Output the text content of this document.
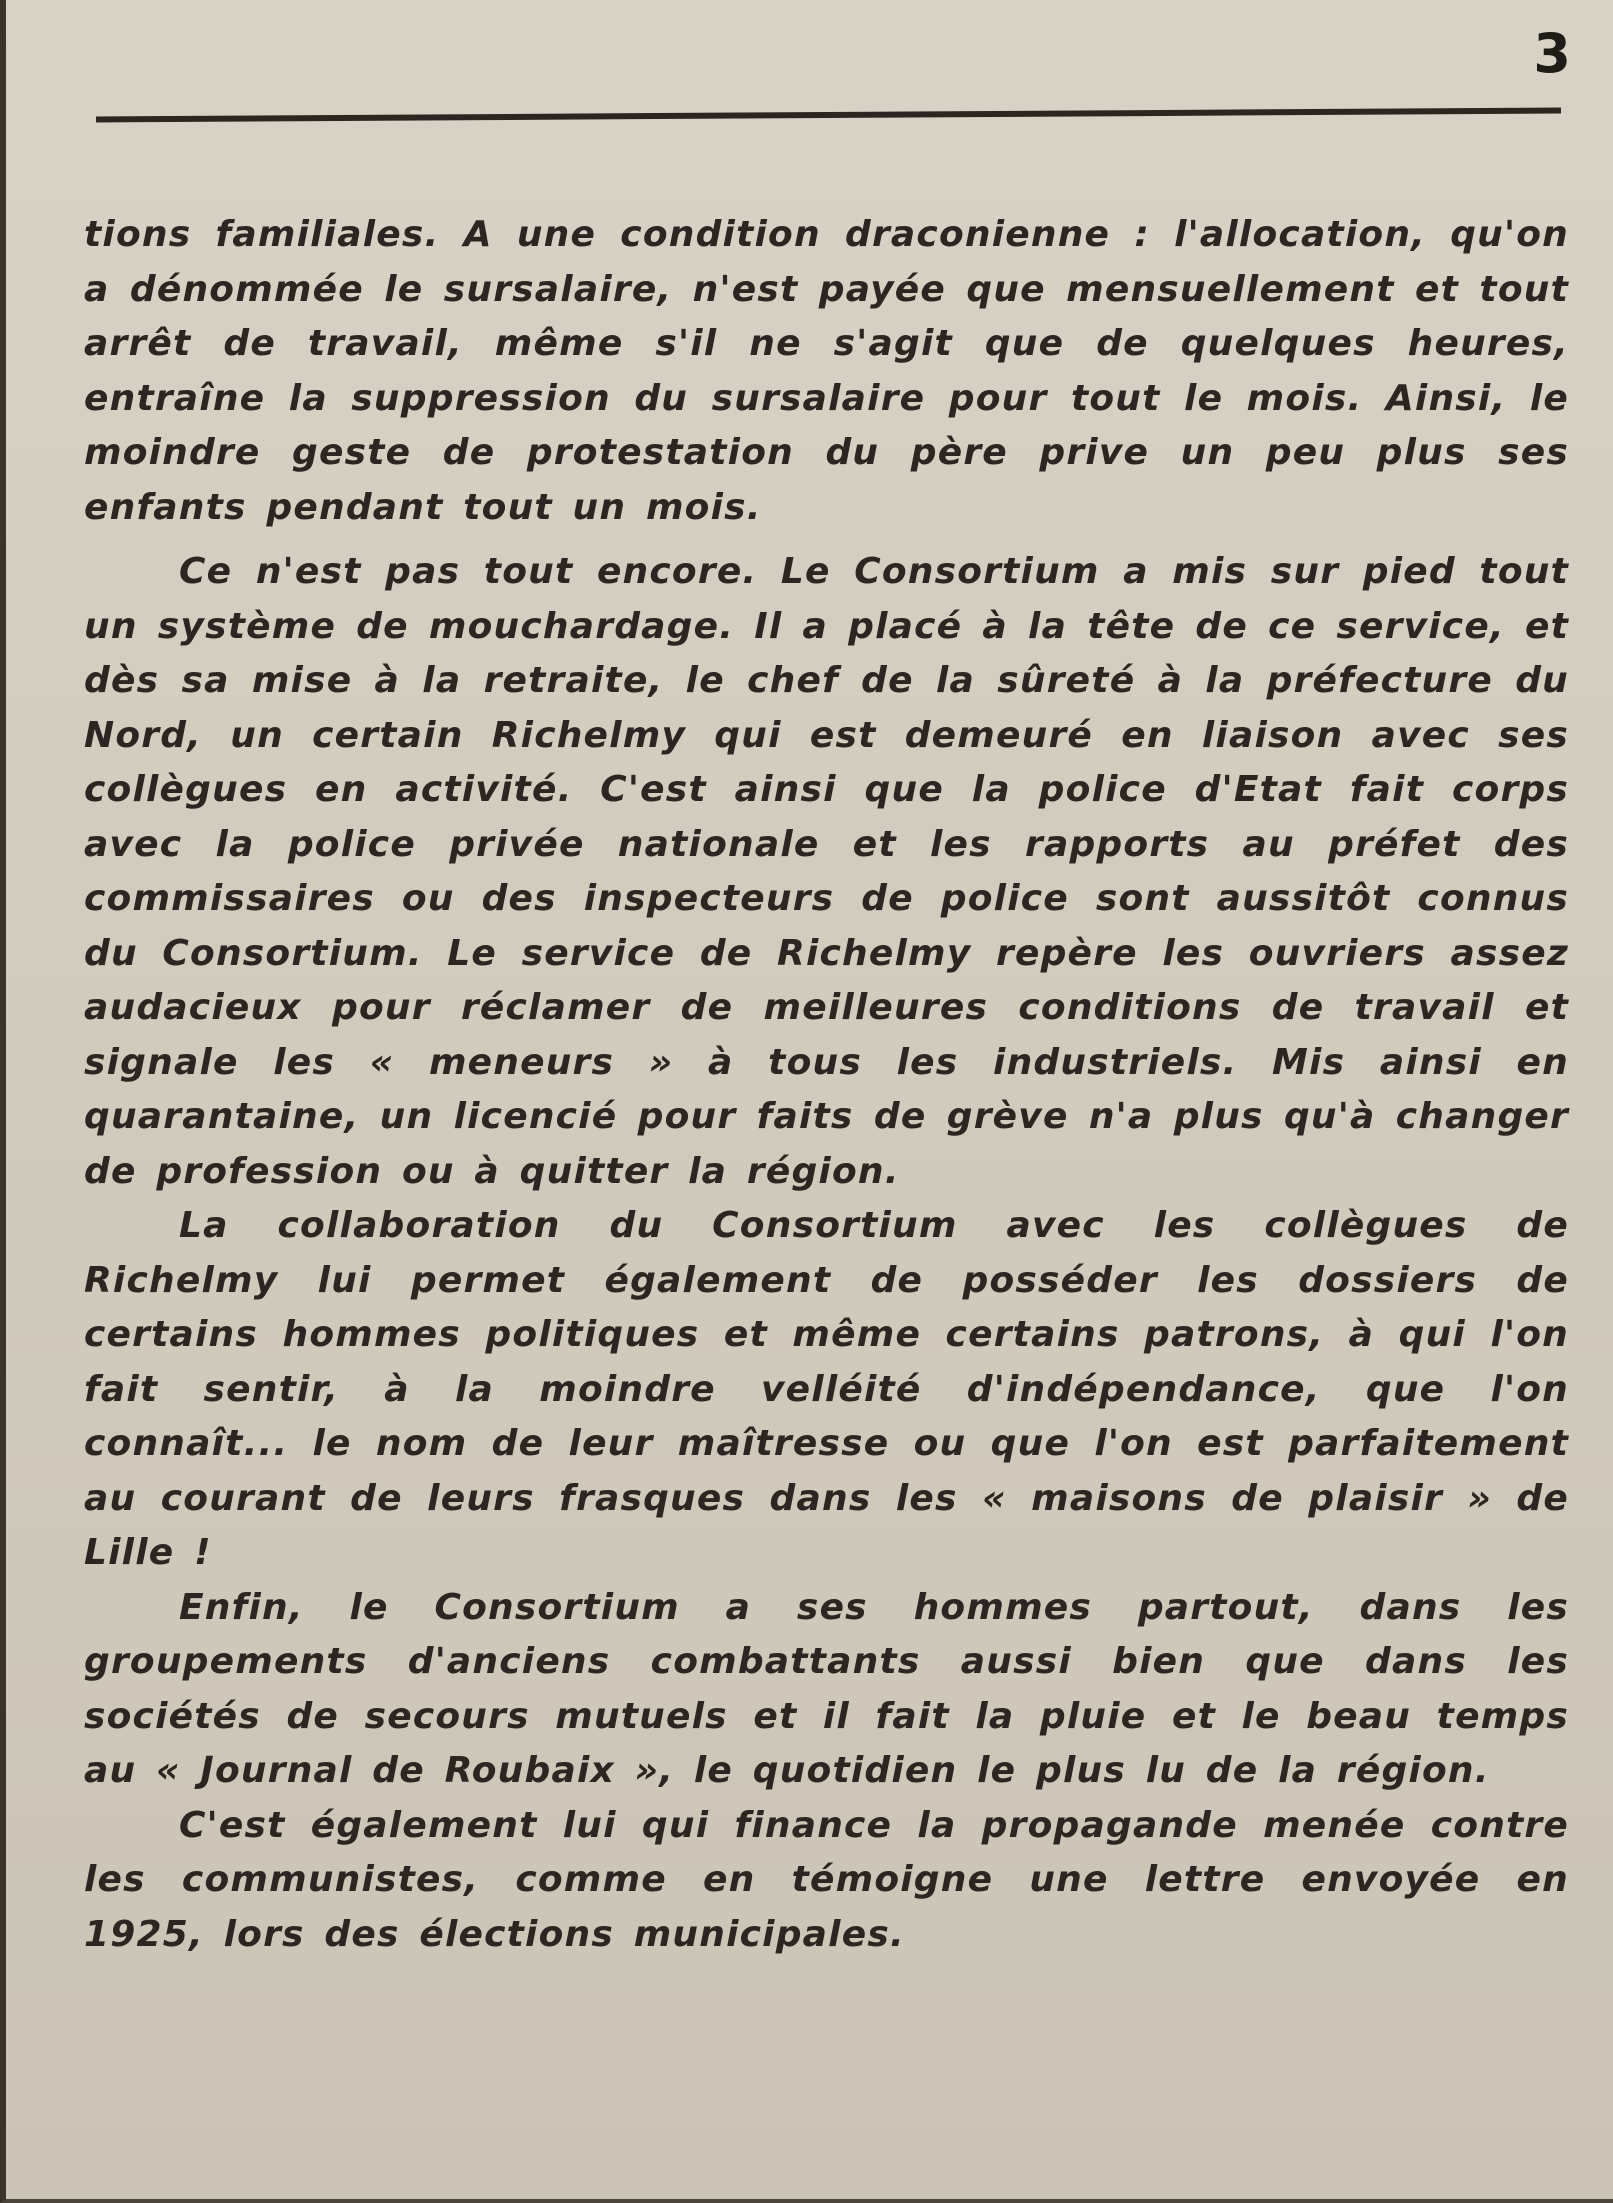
3

tions familiales. A une condition draconienne : l'allocation, qu'on a dénommée le sursalaire, n'est payée que mensuellement et tout arrêt de travail, même s'il ne s'agit que de quelques heures, entraîne la suppression du sursalaire pour tout le mois. Ainsi, le moindre geste de protestation du père prive un peu plus ses enfants pendant tout un mois.

Ce n'est pas tout encore. Le Consortium a mis sur pied tout un système de mouchardage. Il a placé à la tête de ce service, et dès sa mise à la retraite, le chef de la sûreté à la préfecture du Nord, un certain Richelmy qui est demeuré en liaison avec ses collègues en activité. C'est ainsi que la police d'Etat fait corps avec la police privée nationale et les rapports au préfet des commissaires ou des inspecteurs de police sont aussitôt connus du Consortium. Le service de Richelmy repère les ouvriers assez audacieux pour réclamer de meilleures conditions de travail et signale les « meneurs » à tous les industriels. Mis ainsi en quarantaine, un licencié pour faits de grève n'a plus qu'à changer de profession ou à quitter la région.

La collaboration du Consortium avec les collègues de Richelmy lui permet également de posséder les dossiers de certains hommes politiques et même certains patrons, à qui l'on fait sentir, à la moindre velléité d'indépendance, que l'on connaît... le nom de leur maîtresse ou que l'on est parfaitement au courant de leurs frasques dans les « maisons de plaisir » de Lille !

Enfin, le Consortium a ses hommes partout, dans les groupements d'anciens combattants aussi bien que dans les sociétés de secours mutuels et il fait la pluie et le beau temps au « Journal de Roubaix », le quotidien le plus lu de la région.

C'est également lui qui finance la propagande menée contre les communistes, comme en témoigne une lettre envoyée en 1925, lors des élections municipales.
